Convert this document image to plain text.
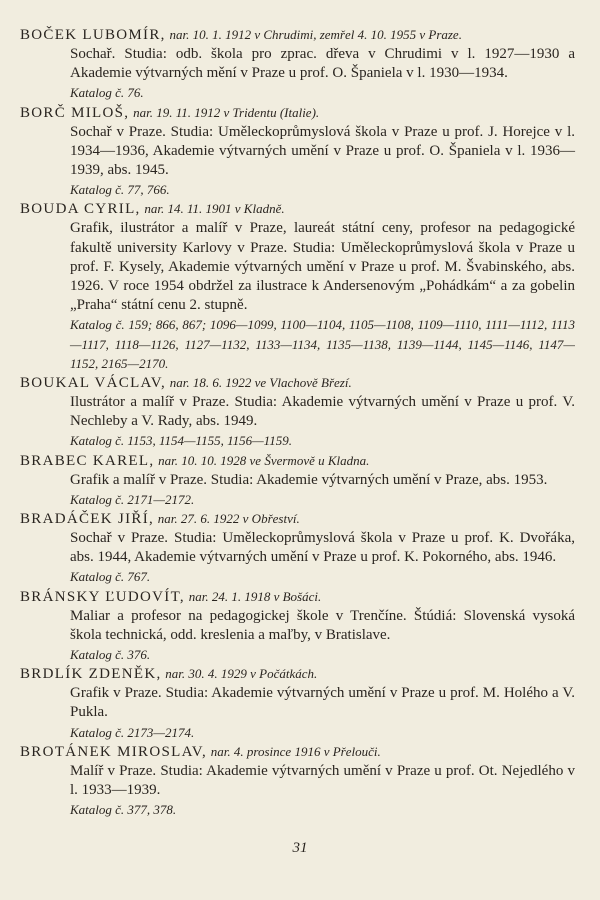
BOČEK LUBOMÍR, nar. 10. 1. 1912 v Chrudimi, zemřel 4. 10. 1955 v Praze.
Sochař. Studia: odb. škola pro zprac. dřeva v Chrudimi v l. 1927—1930 a Akademie výtvarných mění v Praze u prof. O. Španiela v l. 1930—1934.
Katalog č. 76.
BORČ MILOŠ, nar. 19. 11. 1912 v Tridentu (Italie).
Sochař v Praze. Studia: Uměleckoprůmyslová škola v Praze u prof. J. Horejce v l. 1934—1936, Akademie výtvarných umění v Praze u prof. O. Španiela v l. 1936—1939, abs. 1945.
Katalog č. 77, 766.
BOUDA CYRIL, nar. 14. 11. 1901 v Kladně.
Grafik, ilustrátor a malíř v Praze, laureát státní ceny, profesor na pedagogické fakultě university Karlovy v Praze. Studia: Uměleckoprůmyslová škola v Praze u prof. F. Kysely, Akademie výtvarných umění v Praze u prof. M. Švabinského, abs. 1926. V roce 1954 obdržel za ilustrace k Andersenovým „Pohádkám“ a za gobelin „Praha“ státní cenu 2. stupně.
Katalog č. 159; 866, 867; 1096—1099, 1100—1104, 1105—1108, 1109—1110, 1111—1112, 1113—1117, 1118—1126, 1127—1132, 1133—1134, 1135—1138, 1139—1144, 1145—1146, 1147—1152, 2165—2170.
BOUKAL VÁCLAV, nar. 18. 6. 1922 ve Vlachově Březí.
Ilustrátor a malíř v Praze. Studia: Akademie výtvarných umění v Praze u prof. V. Nechleby a V. Rady, abs. 1949.
Katalog č. 1153, 1154—1155, 1156—1159.
BRABEC KAREL, nar. 10. 10. 1928 ve Švermově u Kladna.
Grafik a malíř v Praze. Studia: Akademie výtvarných umění v Praze, abs. 1953.
Katalog č. 2171—2172.
BRADÁČEK JIŘÍ, nar. 27. 6. 1922 v Obřeství.
Sochař v Praze. Studia: Uměleckoprůmyslová škola v Praze u prof. K. Dvořáka, abs. 1944, Akademie výtvarných umění v Praze u prof. K. Pokorného, abs. 1946.
Katalog č. 767.
BRÁNSKY ĽUDOVÍT, nar. 24. 1. 1918 v Bošáci.
Maliar a profesor na pedagogickej škole v Trenčíne. Štúdiá: Slovenská vysoká škola technická, odd. kreslenia a maľby, v Bratislave.
Katalog č. 376.
BRDLÍK ZDENĚK, nar. 30. 4. 1929 v Počátkách.
Grafik v Praze. Studia: Akademie výtvarných umění v Praze u prof. M. Holého a V. Pukla.
Katalog č. 2173—2174.
BROTÁNEK MIROSLAV, nar. 4. prosince 1916 v Přelouči.
Malíř v Praze. Studia: Akademie výtvarných umění v Praze u prof. Ot. Nejedlého v l. 1933—1939.
Katalog č. 377, 378.
31
